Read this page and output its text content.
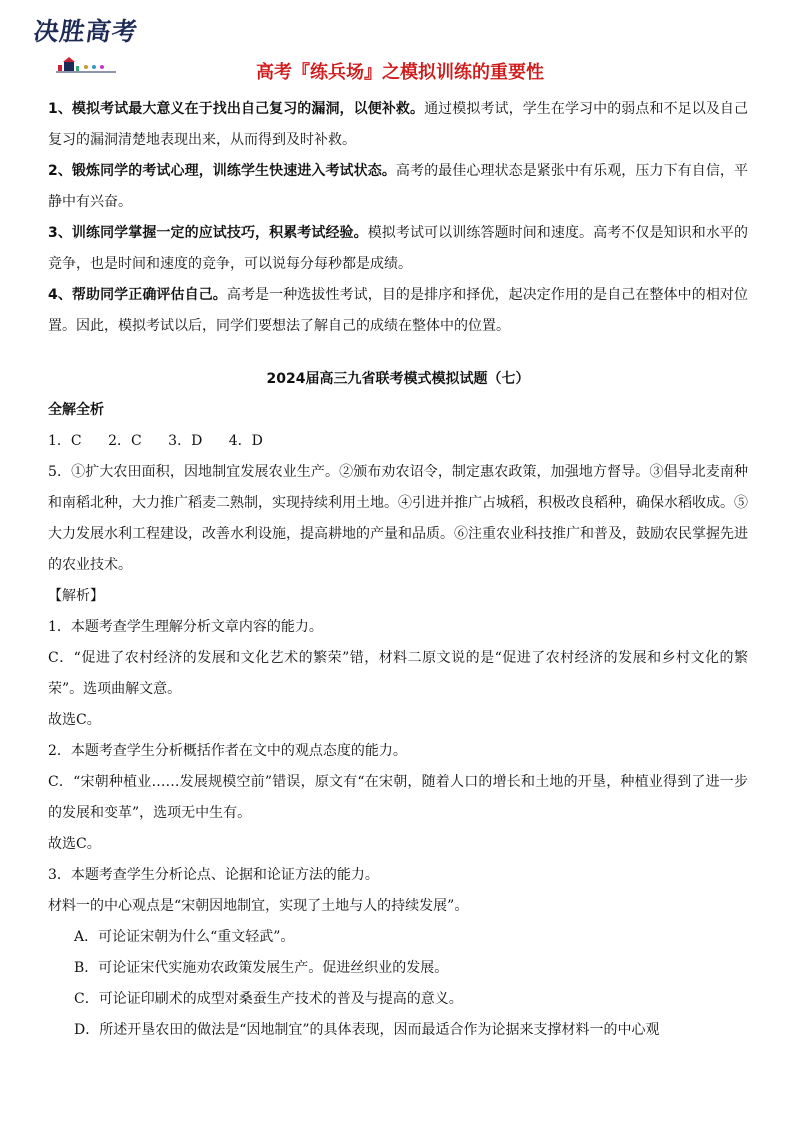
决胜高考
高考『练兵场』之模拟训练的重要性

1、模拟考试最大意义在于找出自己复习的漏洞，以便补救。通过模拟考试，学生在学习中的弱点和不足以及自己复习的漏洞清楚地表现出来，从而得到及时补救。

2、锻炼同学的考试心理，训练学生快速进入考试状态。高考的最佳心理状态是紧张中有乐观，压力下有自信，平静中有兴奋。

3、训练同学掌握一定的应试技巧，积累考试经验。模拟考试可以训练答题时间和速度。高考不仅是知识和水平的竞争，也是时间和速度的竞争，可以说每分每秒都是成绩。

4、帮助同学正确评估自己。高考是一种选拔性考试，目的是排序和择优，起决定作用的是自己在整体中的相对位置。因此，模拟考试以后，同学们要想法了解自己的成绩在整体中的位置。

2024届高三九省联考模式模拟试题（七）

全解全析

1．C 2．C 3．D 4．D

5．①扩大农田面积，因地制宜发展农业生产。②颁布劝农诏令，制定惠农政策，加强地方督导。③倡导北麦南种和南稻北种，大力推广稻麦二熟制，实现持续利用土地。④引进并推广占城稻，积极改良稻种，确保水稻收成。⑤大力发展水利工程建设，改善水利设施，提高耕地的产量和品质。⑥注重农业科技推广和普及，鼓励农民掌握先进的农业技术。

【解析】

1．本题考查学生理解分析文章内容的能力。

C．“促进了农村经济的发展和文化艺术的繁荣”错，材料二原文说的是“促进了农村经济的发展和乡村文化的繁荣”。选项曲解文意。

故选C。

2．本题考查学生分析概括作者在文中的观点态度的能力。

C．“宋朝种植业……发展规模空前”错误，原文有“在宋朝，随着人口的增长和土地的开垦，种植业得到了进一步的发展和变革”，选项无中生有。

故选C。

3．本题考查学生分析论点、论据和论证方法的能力。

材料一的中心观点是“宋朝因地制宜，实现了土地与人的持续发展”。

A．可论证宋朝为什么“重文轻武”。

B．可论证宋代实施劝农政策发展生产。促进丝织业的发展。

C．可论证印刷术的成型对桑蚕生产技术的普及与提高的意义。

D．所述开垦农田的做法是“因地制宜”的具体表现，因而最适合作为论据来支撑材料一的中心观
